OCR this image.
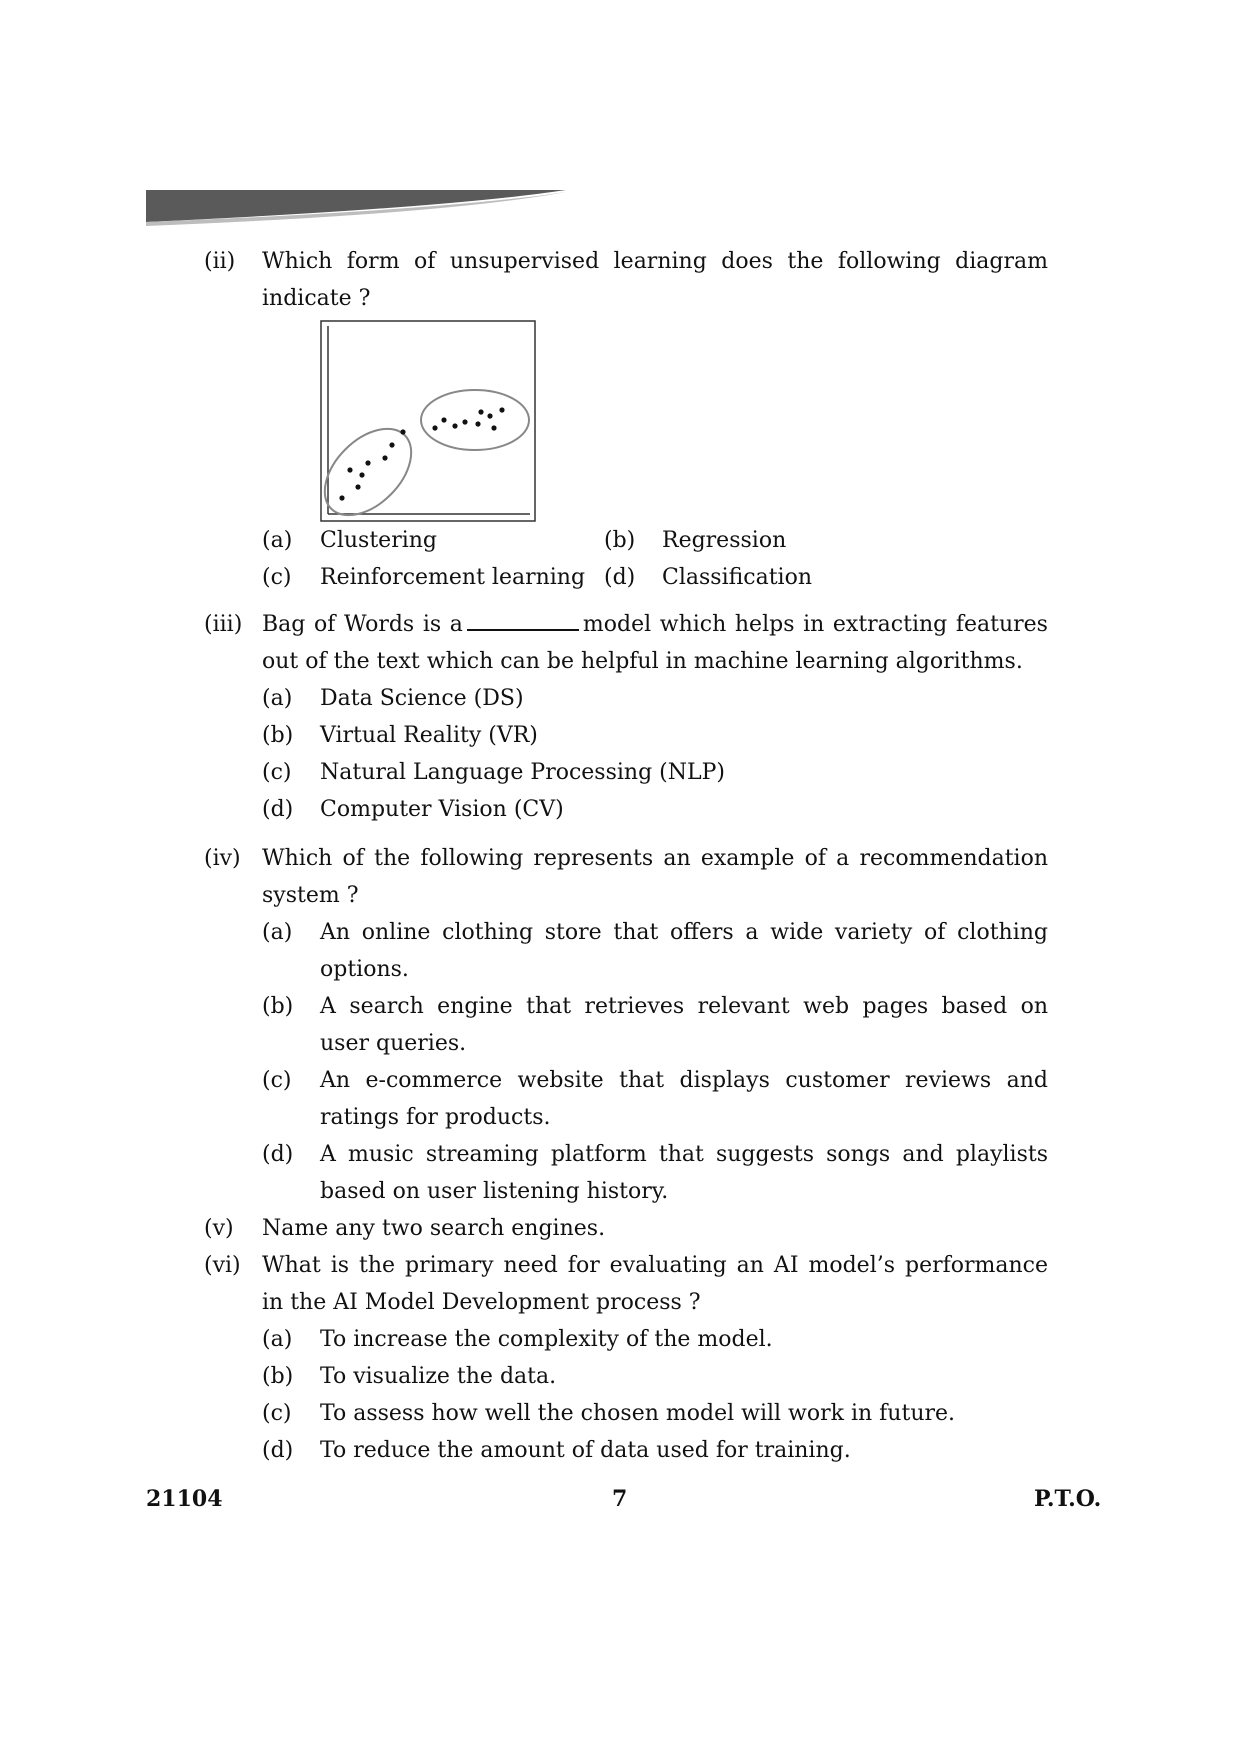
(ii) Which form of unsupervised learning does the following diagram
indicate ?
(a) Clustering	(b) Regression
(c) Reinforcement learning (d) Classification
(iii) Bag of Words is a	model which helps in extracting features
out of the text which can be helpful in machine learning algorithms.
(a) Data Science (DS)
(b) Virtual Reality (VR)
(c) Natural Language Processing (NLP)
(d) Computer Vision (CV)
(iv) Which of the following represents an example of a recommendation
system ?
(a) An online clothing store that offers a wide variety of clothing
options.
(b) A search engine that retrieves relevant web pages based on
user queries.
(c) An e-commerce website that displays customer reviews and
ratings for products.
(d) A music streaming platform that suggests songs and playlists
based on user listening history.
(v) Name any two search engines.
(vi) What is the primary need for evaluating an AI model’s performance
in the AI Model Development process ?
(a) To increase the complexity of the model.
(b) To visualize the data.
(c) To assess how well the chosen model will work in future.
(d) To reduce the amount of data used for training.
21104	7	P.T.O.
